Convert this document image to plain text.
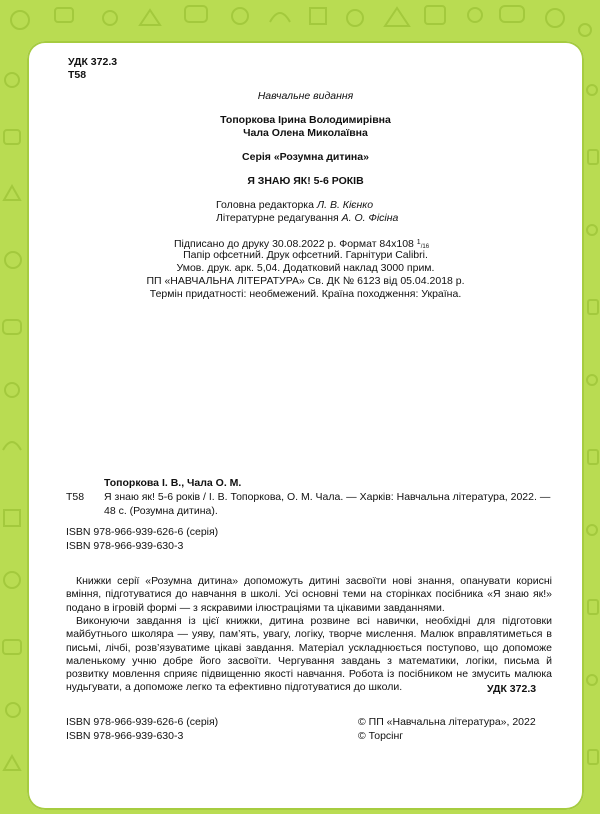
УДК 372.3
Т58
Навчальне видання
Топоркова Ірина Володимирівна
Чала Олена Миколаївна
Серія «Розумна дитина»
Я ЗНАЮ ЯК! 5-6 РОКІВ
Головна редакторка Л. В. Кієнко
Літературне редагування А. О. Фісіна
Підписано до друку 30.08.2022 р. Формат 84х108 $^1$/16
Папір офсетний. Друк офсетний. Гарнітури Calibri.
Умов. друк. арк. 5,04. Додатковий наклад 3000 прим.
ПП «НАВЧАЛЬНА ЛІТЕРАТУРА» Св. ДК № 6123 від 05.04.2018 р.
Термін придатності: необмежений. Країна походження: Україна.
Топоркова І. В., Чала О. М.
Т58 Я знаю як! 5-6 років / І. В. Топоркова, О. М. Чала. — Харків: Навчальна література, 2022. —
48 с. (Розумна дитина).
ISBN 978-966-939-626-6 (серія)
ISBN 978-966-939-630-3
Книжки серії «Розумна дитина» допоможуть дитині засвоїти нові знання, опанувати корисні вміння, підготуватися до навчання в школі. Усі основні теми на сторінках посібника «Я знаю як!» подано в ігровій формі — з яскравими ілюстраціями та цікавими завданнями.
Виконуючи завдання із цієї книжки, дитина розвине всі навички, необхідні для підготовки майбутнього школяра — уяву, пам’ять, увагу, логіку, творче мислення. Малюк вправлятиметься в письмі, лічбі, розв’язуватиме цікаві завдання. Матеріал ускладнюється поступово, що допоможе маленькому учню добре його засвоїти. Чергування завдань з математики, логіки, письма й розвитку мовлення сприяє підвищенню якості навчання. Робота із посібником не змусить малюка нудьгувати, а допоможе легко та ефективно підготуватися до школи.	УДК 372.3
ISBN 978-966-939-626-6 (серія)
ISBN 978-966-939-630-3
© ПП «Навчальна література», 2022
© Торсінг
